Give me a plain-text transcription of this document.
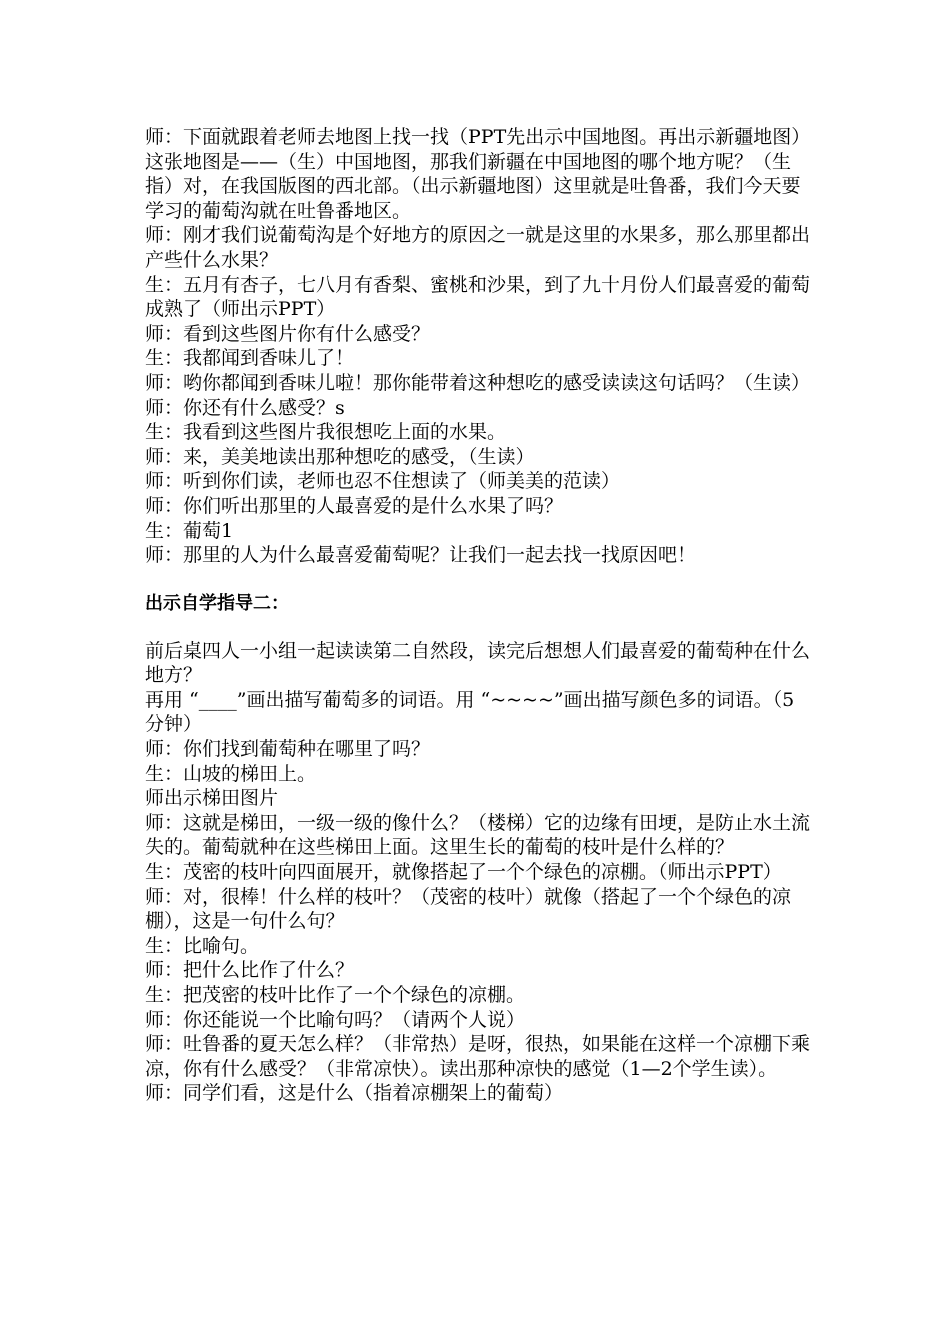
师：下面就跟着老师去地图上找一找（PPT先出示中国地图。再出示新疆地图）这张地图是——（生）中国地图，那我们新疆在中国地图的哪个地方呢？（生指）对，在我国版图的西北部。（出示新疆地图）这里就是吐鲁番，我们今天要学习的葡萄沟就在吐鲁番地区。

师：刚才我们说葡萄沟是个好地方的原因之一就是这里的水果多，那么那里都出产些什么水果？

生：五月有杏子，七八月有香梨、蜜桃和沙果，到了九十月份人们最喜爱的葡萄成熟了（师出示PPT）

师：看到这些图片你有什么感受？

生：我都闻到香味儿了！

师：哟你都闻到香味儿啦！那你能带着这种想吃的感受读读这句话吗？（生读）

师：你还有什么感受？s

生：我看到这些图片我很想吃上面的水果。

师：来，美美地读出那种想吃的感受，（生读）

师：听到你们读，老师也忍不住想读了（师美美的范读）

师：你们听出那里的人最喜爱的是什么水果了吗？

生：葡萄1

师：那里的人为什么最喜爱葡萄呢？让我们一起去找一找原因吧！

出示自学指导二：

前后桌四人一小组一起读读第二自然段，读完后想想人们最喜爱的葡萄种在什么地方？

再用 “____”画出描写葡萄多的词语。用 “~~~~”画出描写颜色多的词语。（5分钟）

师：你们找到葡萄种在哪里了吗？

生：山坡的梯田上。

师出示梯田图片

师：这就是梯田，一级一级的像什么？（楼梯）它的边缘有田埂，是防止水土流失的。葡萄就种在这些梯田上面。这里生长的葡萄的枝叶是什么样的？

生：茂密的枝叶向四面展开，就像搭起了一个个绿色的凉棚。（师出示PPT）

师：对，很棒！什么样的枝叶？（茂密的枝叶）就像（搭起了一个个绿色的凉棚），这是一句什么句？

生：比喻句。

师：把什么比作了什么？

生：把茂密的枝叶比作了一个个绿色的凉棚。

师：你还能说一个比喻句吗？（请两个人说）

师：吐鲁番的夏天怎么样？（非常热）是呀，很热，如果能在这样一个凉棚下乘凉，你有什么感受？（非常凉快）。读出那种凉快的感觉（1—2个学生读）。

师：同学们看，这是什么（指着凉棚架上的葡萄）
